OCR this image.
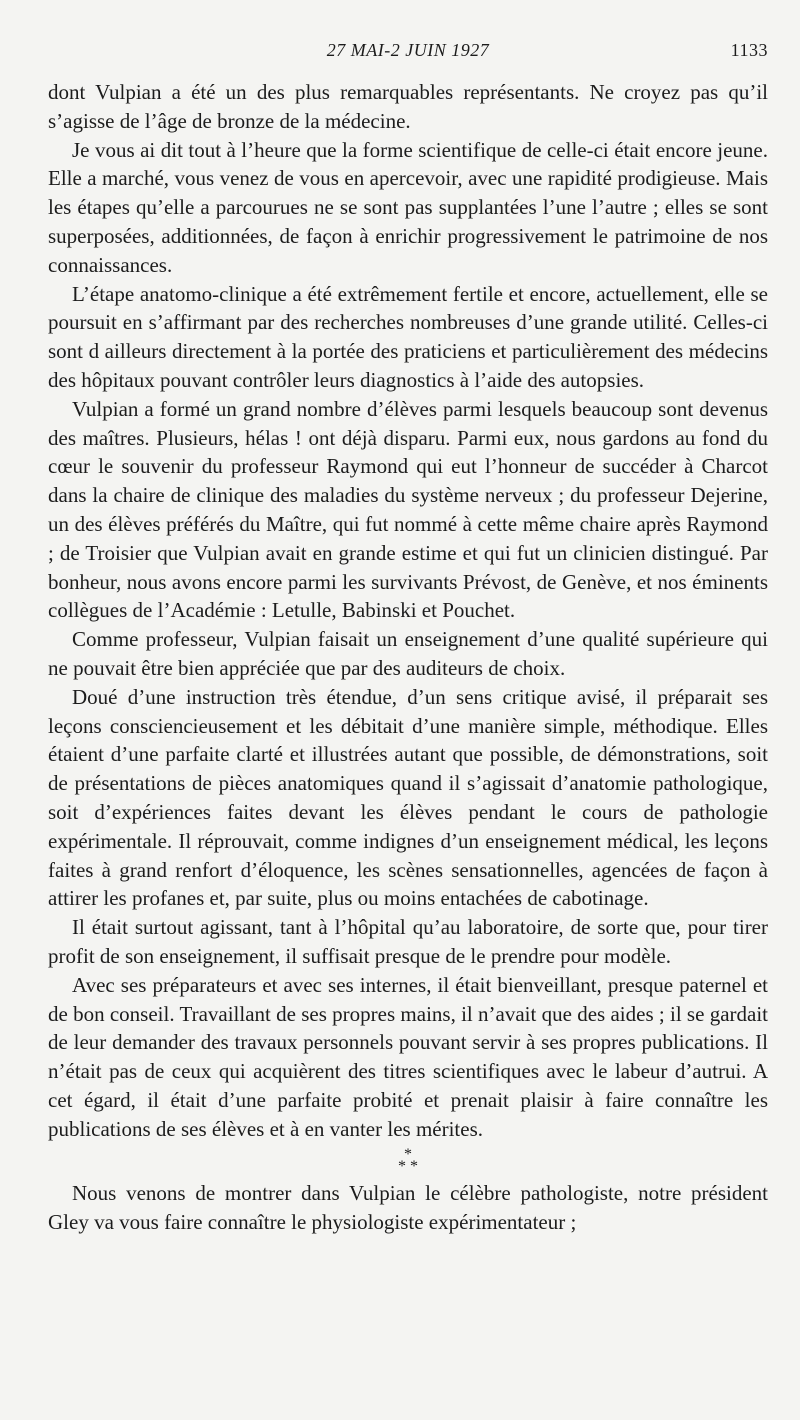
27 MAI-2 JUIN 1927	1133

dont Vulpian a été un des plus remarquables représentants. Ne croyez pas qu’il s’agisse de l’âge de bronze de la médecine.

Je vous ai dit tout à l’heure que la forme scientifique de celle-ci était encore jeune. Elle a marché, vous venez de vous en apercevoir, avec une rapidité prodigieuse. Mais les étapes qu’elle a parcourues ne se sont pas supplantées l’une l’autre ; elles se sont superposées, additionnées, de façon à enrichir progressivement le patrimoine de nos connaissances.

L’étape anatomo-clinique a été extrêmement fertile et encore, actuellement, elle se poursuit en s’affirmant par des recherches nombreuses d’une grande utilité. Celles-ci sont d ailleurs directement à la portée des praticiens et particulièrement des médecins des hôpitaux pouvant contrôler leurs diagnostics à l’aide des autopsies.

Vulpian a formé un grand nombre d’élèves parmi lesquels beaucoup sont devenus des maîtres. Plusieurs, hélas ! ont déjà disparu. Parmi eux, nous gardons au fond du cœur le souvenir du professeur Raymond qui eut l’honneur de succéder à Charcot dans la chaire de clinique des maladies du système nerveux ; du professeur Dejerine, un des élèves préférés du Maître, qui fut nommé à cette même chaire après Raymond ; de Troisier que Vulpian avait en grande estime et qui fut un clinicien distingué. Par bonheur, nous avons encore parmi les survivants Prévost, de Genève, et nos éminents collègues de l’Académie : Letulle, Babinski et Pouchet.

Comme professeur, Vulpian faisait un enseignement d’une qualité supérieure qui ne pouvait être bien appréciée que par des auditeurs de choix.

Doué d’une instruction très étendue, d’un sens critique avisé, il préparait ses leçons consciencieusement et les débitait d’une manière simple, méthodique. Elles étaient d’une parfaite clarté et illustrées autant que possible, de démonstrations, soit de présentations de pièces anatomiques quand il s’agissait d’anatomie pathologique, soit d’expériences faites devant les élèves pendant le cours de pathologie expérimentale. Il réprouvait, comme indignes d’un enseignement médical, les leçons faites à grand renfort d’éloquence, les scènes sensationnelles, agencées de façon à attirer les profanes et, par suite, plus ou moins entachées de cabotinage.

Il était surtout agissant, tant à l’hôpital qu’au laboratoire, de sorte que, pour tirer profit de son enseignement, il suffisait presque de le prendre pour modèle.

Avec ses préparateurs et avec ses internes, il était bienveillant, presque paternel et de bon conseil. Travaillant de ses propres mains, il n’avait que des aides ; il se gardait de leur demander des travaux personnels pouvant servir à ses propres publications. Il n’était pas de ceux qui acquièrent des titres scientifiques avec le labeur d’autrui. A cet égard, il était d’une parfaite probité et prenait plaisir à faire connaître les publications de ses élèves et à en vanter les mérites.

*
* *

Nous venons de montrer dans Vulpian le célèbre pathologiste, notre président Gley va vous faire connaître le physiologiste expérimentateur ;
